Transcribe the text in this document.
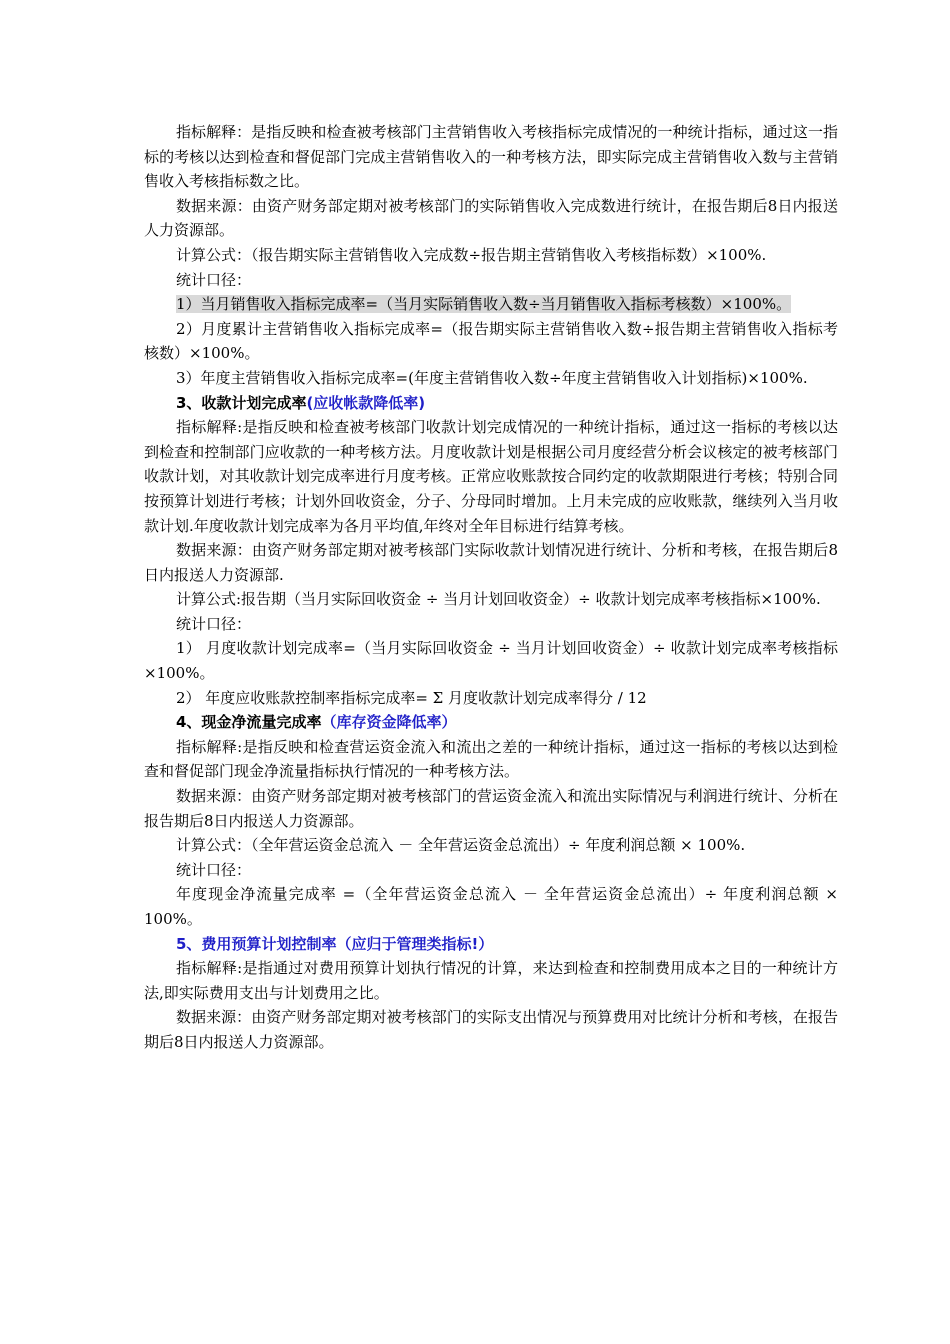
指标解释：是指反映和检查被考核部门主营销售收入考核指标完成情况的一种统计指标，通过这一指标的考核以达到检查和督促部门完成主营销售收入的一种考核方法，即实际完成主营销售收入数与主营销售收入考核指标数之比。

数据来源：由资产财务部定期对被考核部门的实际销售收入完成数进行统计，在报告期后8日内报送人力资源部。

计算公式：（报告期实际主营销售收入完成数÷报告期主营销售收入考核指标数）×100%.

统计口径：

1）当月销售收入指标完成率=（当月实际销售收入数÷当月销售收入指标考核数）×100%。

2）月度累计主营销售收入指标完成率=（报告期实际主营销售收入数÷报告期主营销售收入指标考核数）×100%。

3）年度主营销售收入指标完成率=(年度主营销售收入数÷年度主营销售收入计划指标)×100%.

3、收款计划完成率(应收帐款降低率)

指标解释:是指反映和检查被考核部门收款计划完成情况的一种统计指标，通过这一指标的考核以达到检查和控制部门应收款的一种考核方法。月度收款计划是根据公司月度经营分析会议核定的被考核部门收款计划，对其收款计划完成率进行月度考核。正常应收账款按合同约定的收款期限进行考核；特别合同按预算计划进行考核；计划外回收资金，分子、分母同时增加。上月未完成的应收账款，继续列入当月收款计划.年度收款计划完成率为各月平均值,年终对全年目标进行结算考核。

数据来源：由资产财务部定期对被考核部门实际收款计划情况进行统计、分析和考核，在报告期后8日内报送人力资源部.

计算公式:报告期（当月实际回收资金 ÷ 当月计划回收资金）÷ 收款计划完成率考核指标×100%.

统计口径：

1） 月度收款计划完成率=（当月实际回收资金 ÷ 当月计划回收资金）÷ 收款计划完成率考核指标×100%。

2） 年度应收账款控制率指标完成率= Σ 月度收款计划完成率得分 / 12

4、现金净流量完成率（库存资金降低率）

指标解释:是指反映和检查营运资金流入和流出之差的一种统计指标，通过这一指标的考核以达到检查和督促部门现金净流量指标执行情况的一种考核方法。

数据来源：由资产财务部定期对被考核部门的营运资金流入和流出实际情况与利润进行统计、分析在报告期后8日内报送人力资源部。

计算公式：（全年营运资金总流入 － 全年营运资金总流出）÷ 年度利润总额 × 100%.

统计口径：

年度现金净流量完成率 =（全年营运资金总流入 － 全年营运资金总流出）÷ 年度利润总额 × 100%。

5、费用预算计划控制率（应归于管理类指标!）

指标解释:是指通过对费用预算计划执行情况的计算，来达到检查和控制费用成本之目的一种统计方法,即实际费用支出与计划费用之比。

数据来源：由资产财务部定期对被考核部门的实际支出情况与预算费用对比统计分析和考核，在报告期后8日内报送人力资源部。
